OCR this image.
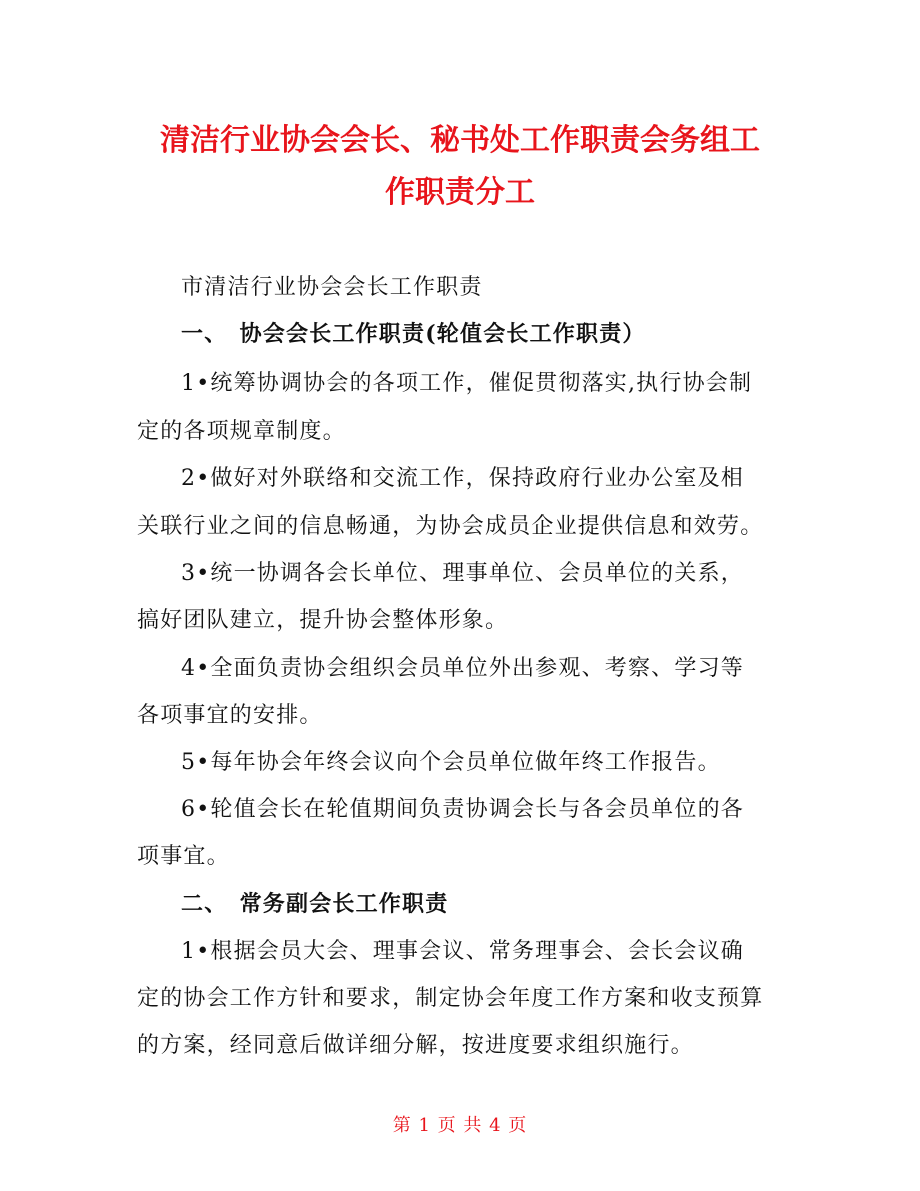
清洁行业协会会长、秘书处工作职责会务组工
作职责分工
市清洁行业协会会长工作职责
一、　协会会长工作职责(轮值会长工作职责）
1•统筹协调协会的各项工作，催促贯彻落实,执行协会制
定的各项规章制度。
2•做好对外联络和交流工作，保持政府行业办公室及相
关联行业之间的信息畅通，为协会成员企业提供信息和效劳。
3•统一协调各会长单位、理事单位、会员单位的关系，
搞好团队建立，提升协会整体形象。
4•全面负责协会组织会员单位外出参观、考察、学习等
各项事宜的安排。
5•每年协会年终会议向个会员单位做年终工作报告。
6•轮值会长在轮值期间负责协调会长与各会员单位的各
项事宜。
二、　常务副会长工作职责
1•根据会员大会、理事会议、常务理事会、会长会议确
定的协会工作方针和要求，制定协会年度工作方案和收支预算
的方案，经同意后做详细分解，按进度要求组织施行。
第 1 页 共 4 页
